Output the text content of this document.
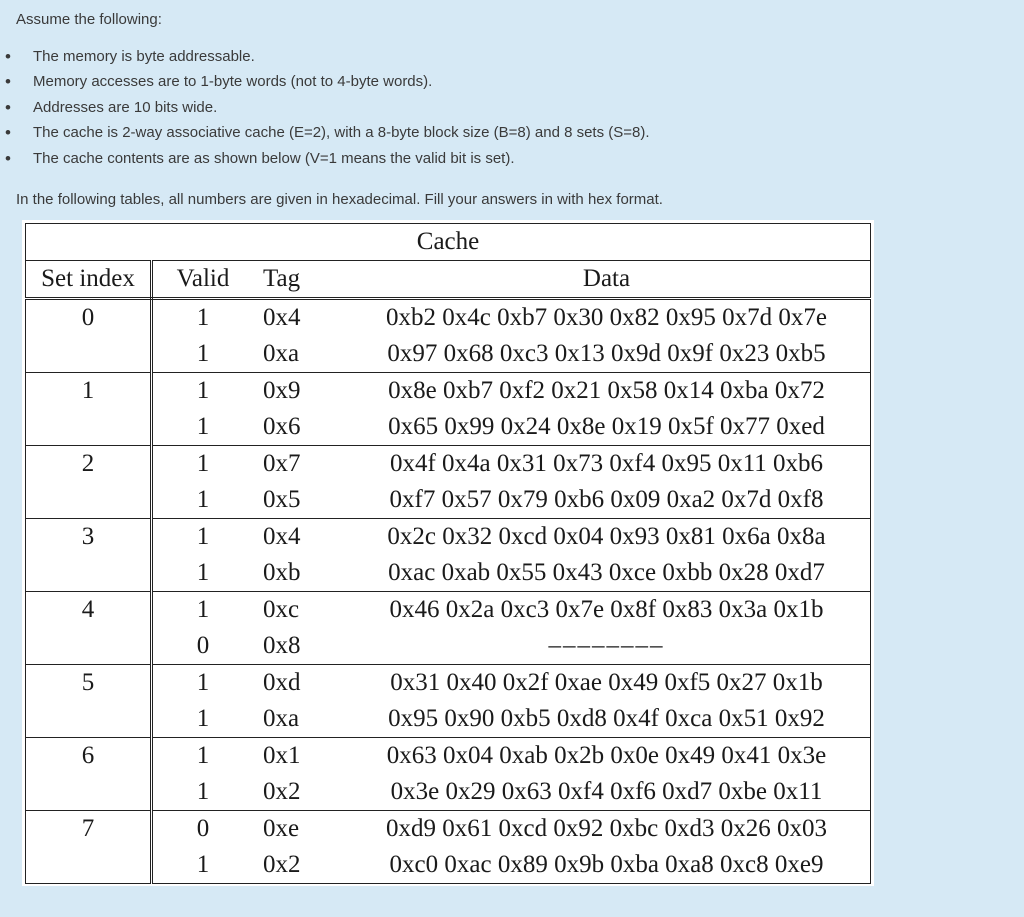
Assume the following:
• The memory is byte addressable.
• Memory accesses are to 1-byte words (not to 4-byte words).
• Addresses are 10 bits wide.
• The cache is 2-way associative cache (E=2), with a 8-byte block size (B=8) and 8 sets (S=8).
• The cache contents are as shown below (V=1 means the valid bit is set).
In the following tables, all numbers are given in hexadecimal. Fill your answers in with hex format.
Cache			
Set index	Valid	Tag	Data
0	1	0x4	0xb2 0x4c 0xb7 0x30 0x82 0x95 0x7d 0x7e
	1	0xa	0x97 0x68 0xc3 0x13 0x9d 0x9f 0x23 0xb5
1	1	0x9	0x8e 0xb7 0xf2 0x21 0x58 0x14 0xba 0x72
	1	0x6	0x65 0x99 0x24 0x8e 0x19 0x5f 0x77 0xed
2	1	0x7	0x4f 0x4a 0x31 0x73 0xf4 0x95 0x11 0xb6
	1	0x5	0xf7 0x57 0x79 0xb6 0x09 0xa2 0x7d 0xf8
3	1	0x4	0x2c 0x32 0xcd 0x04 0x93 0x81 0x6a 0x8a
	1	0xb	0xac 0xab 0x55 0x43 0xce 0xbb 0x28 0xd7
4	1	0xc	0x46 0x2a 0xc3 0x7e 0x8f 0x83 0x3a 0x1b
	0	0x8	––––––––
5	1	0xd	0x31 0x40 0x2f 0xae 0x49 0xf5 0x27 0x1b
	1	0xa	0x95 0x90 0xb5 0xd8 0x4f 0xca 0x51 0x92
6	1	0x1	0x63 0x04 0xab 0x2b 0x0e 0x49 0x41 0x3e
	1	0x2	0x3e 0x29 0x63 0xf4 0xf6 0xd7 0xbe 0x11
7	0	0xe	0xd9 0x61 0xcd 0x92 0xbc 0xd3 0x26 0x03
	1	0x2	0xc0 0xac 0x89 0x9b 0xba 0xa8 0xc8 0xe9
